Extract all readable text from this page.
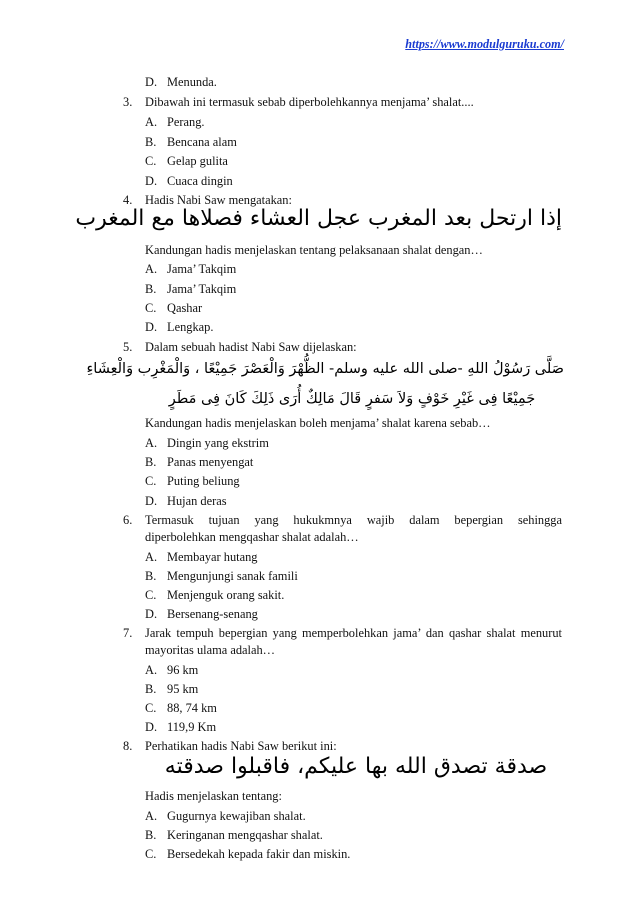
https://www.modulguruku.com/
D. Menunda.
3. Dibawah ini termasuk sebab diperbolehkannya menjama’ shalat....
A. Perang.
B. Bencana alam
C. Gelap gulita
D. Cuaca dingin
4. Hadis Nabi Saw mengatakan:
إذا ارتحل بعد المغرب عجل العشاء فصلاها مع المغرب
Kandungan hadis menjelaskan tentang pelaksanaan shalat dengan…
A. Jama’ Takqim
B. Jama’ Takqim
C. Qashar
D. Lengkap.
5. Dalam sebuah hadist Nabi Saw dijelaskan:
صَلَّى رَسُوْلُ اللهِ -صلى الله عليه وسلم- الظُّهْرَ وَالْعَصْرَ جَمِيْعًا ، وَالْمَغْرِب وَالْعِشَاءِ
جَمِيْعًا فِى غَيْرِ خَوْفٍ وَلاَ سَفرٍ قَالَ مَالِكٌ أُرَى ذَلِكَ كَانَ فِى مَطَرٍ
Kandungan hadis menjelaskan boleh menjama’ shalat karena sebab…
A. Dingin yang ekstrim
B. Panas menyengat
C. Puting beliung
D. Hujan deras
6. Termasuk tujuan yang hukukmnya wajib dalam bepergian sehingga
diperbolehkan mengqashar shalat adalah…
A. Membayar hutang
B. Mengunjungi sanak famili
C. Menjenguk orang sakit.
D. Bersenang-senang
7. Jarak tempuh bepergian yang memperbolehkan jama’ dan qashar shalat menurut
mayoritas ulama adalah…
A. 96 km
B. 95 km
C. 88, 74 km
D. 119,9 Km
8. Perhatikan hadis Nabi Saw berikut ini:
صدقة تصدق الله بها عليكم، فاقبلوا صدقته
Hadis menjelaskan tentang:
A. Gugurnya kewajiban shalat.
B. Keringanan mengqashar shalat.
C. Bersedekah kepada fakir dan miskin.
